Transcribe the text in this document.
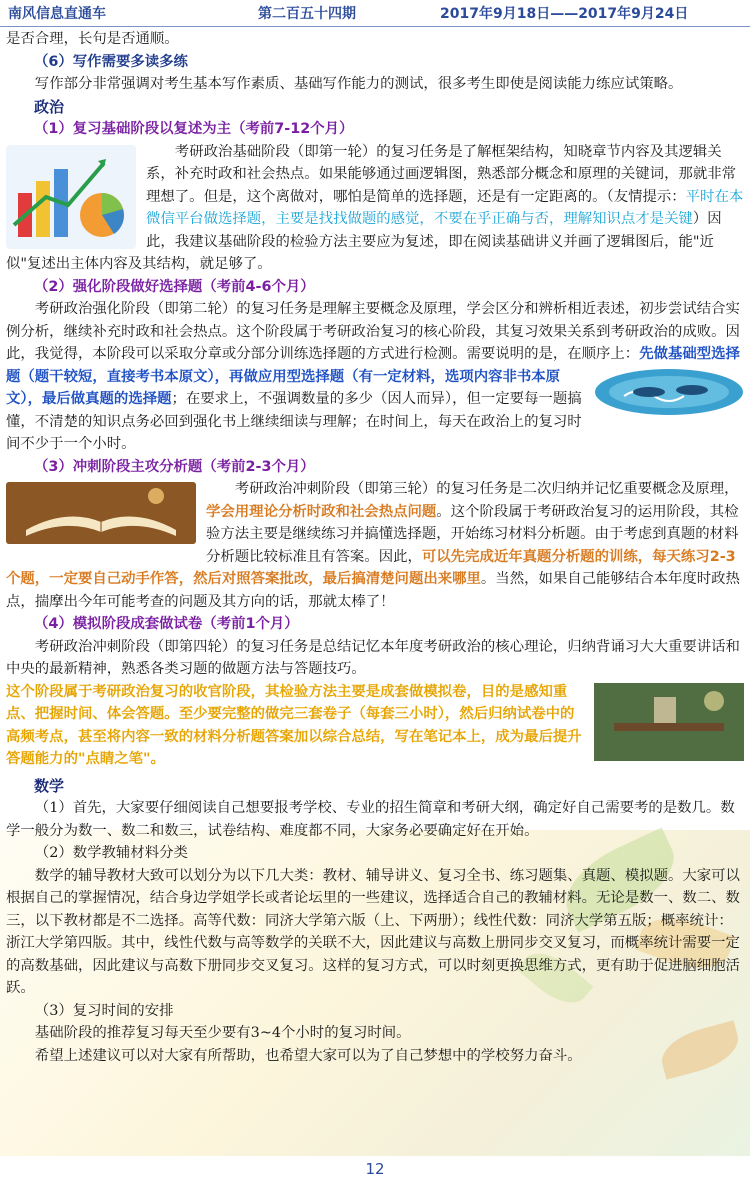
南风信息直通车	第二百五十四期	2017年9月18日——2017年9月24日

是否合理，长句是否通顺。

（6）写作需要多读多练

写作部分非常强调对考生基本写作素质、基础写作能力的测试，很多考生即使是阅读能力练应试策略。

政治

（1）复习基础阶段以复述为主（考前7-12个月）

考研政治基础阶段（即第一轮）的复习任务是了解框架结构，知晓章节内容及其逻辑关系，补充时政和社会热点。如果能够通过画逻辑图，熟悉部分概念和原理的关键词，那就非常理想了。但是，这个离做对，哪怕是简单的选择题，还是有一定距离的。（友情提示：平时在本微信平台做选择题，主要是找找做题的感觉，不要在乎正确与否，理解知识点才是关键）因此，我建议基础阶段的检验方法主要应为复述，即在阅读基础讲义并画了逻辑图后，能"近似"复述出主体内容及其结构，就足够了。

（2）强化阶段做好选择题（考前4-6个月）

考研政治强化阶段（即第二轮）的复习任务是理解主要概念及原理，学会区分和辨析相近表述，初步尝试结合实例分析，继续补充时政和社会热点。这个阶段属于考研政治复习的核心阶段，其复习效果关系到考研政治的成败。因此，我觉得，本阶段可以采取分章或分部分训练选择题的方式进行检测。需要说明的是，在顺序上：
先做基础型选择题（题干较短，直接考书本原文），再做应用型选择题（有一定材料，选项内容非书本原文），最后做真题的选择题；在要求上，不强调数量的多少（因人而异），但一定要每一题搞懂，不清楚的知识点务必回到强化书上继续细读与理解；在时间上，每天在政治上的复习时间不少于一个小时。

（3）冲刺阶段主攻分析题（考前2-3个月）

考研政治冲刺阶段（即第三轮）的复习任务是二次归纳并记忆重要概念及原理，学会用理论分析时政和社会热点问题。这个阶段属于考研政治复习的运用阶段，其检验方法主要是继续练习并搞懂选择题，开始练习材料分析题。由于考虑到真题的材料分析题比较标准且有答案。因此，可以先完成近年真题分析题的训练，每天练习2-3个题，一定要自己动手作答，然后对照答案批改，最后搞清楚问题出来哪里。当然，如果自己能够结合本年度时政热点，揣摩出今年可能考查的问题及其方向的话，那就太棒了！

（4）模拟阶段成套做试卷（考前1个月）

考研政治冲刺阶段（即第四轮）的复习任务是总结记忆本年度考研政治的核心理论，归纳背诵习大大重要讲话和中央的最新精神，熟悉各类习题的做题方法与答题技巧。

这个阶段属于考研政治复习的收官阶段，其检验方法主要是成套做模拟卷，目的是感知重点、把握时间、体会答题。至少要完整的做完三套卷子（每套三小时），然后归纳试卷中的高频考点，甚至将内容一致的材料分析题答案加以综合总结，写在笔记本上，成为最后提升答题能力的"点睛之笔"。

数学

（1）首先，大家要仔细阅读自己想要报考学校、专业的招生简章和考研大纲，确定好自己需要考的是数几。数学一般分为数一、数二和数三，试卷结构、难度都不同，大家务必要确定好在开始。

（2）数学教辅材料分类

数学的辅导教材大致可以划分为以下几大类：教材、辅导讲义、复习全书、练习题集、真题、模拟题。大家可以根据自己的掌握情况，结合身边学姐学长或者论坛里的一些建议，选择适合自己的教辅材料。无论是数一、数二、数三，以下教材都是不二选择。高等代数：同济大学第六版（上、下两册）；线性代数：同济大学第五版；概率统计：浙江大学第四版。其中，线性代数与高等数学的关联不大，因此建议与高数上册同步交叉复习，而概率统计需要一定的高数基础，因此建议与高数下册同步交叉复习。这样的复习方式，可以时刻更换思维方式，更有助于促进脑细胞活跃。

（3）复习时间的安排

基础阶段的推荐复习每天至少要有3~4个小时的复习时间。

希望上述建议可以对大家有所帮助，也希望大家可以为了自己梦想中的学校努力奋斗。

12
